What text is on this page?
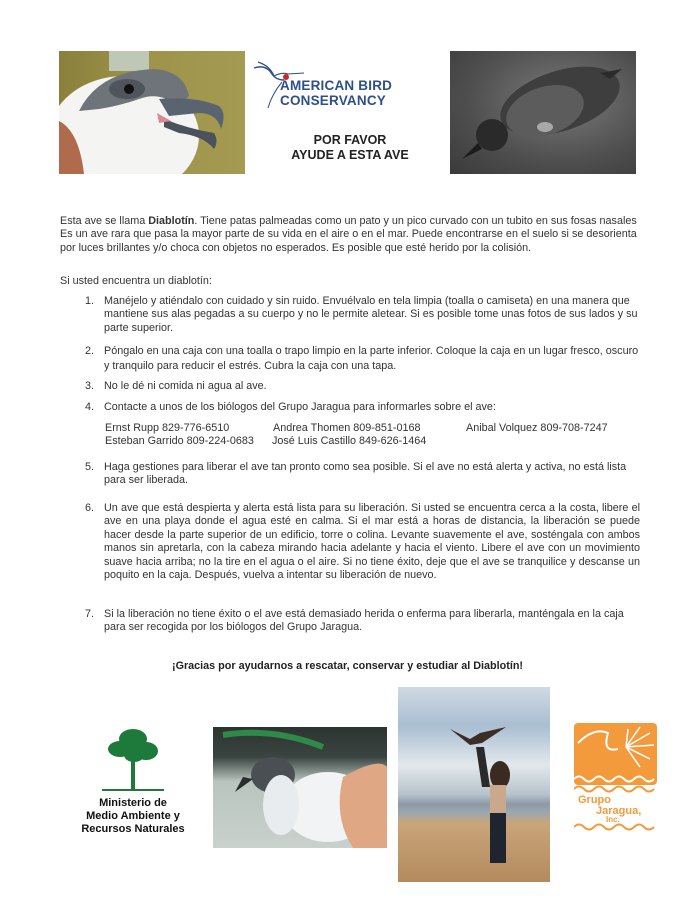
AMERICAN BIRD
CONSERVANCY
POR FAVOR
AYUDE A ESTA AVE
Esta ave se llama Diablotín. Tiene patas palmeadas como un pato y un pico curvado con un tubito en sus fosas nasales Es un ave rara que pasa la mayor parte de su vida en el aire o en el mar. Puede encontrarse en el suelo si se desorienta por luces brillantes y/o choca con objetos no esperados. Es posible que esté herido por la colisión.
Si usted encuentra un diablotín:
1. Manéjelo y atiéndalo con cuidado y sin ruido. Envuélvalo en tela limpia (toalla o camiseta) en una manera que mantiene sus alas pegadas a su cuerpo y no le permite aletear. Si es posible tome unas fotos de sus lados y su parte superior.
2. Póngalo en una caja con una toalla o trapo limpio en la parte inferior. Coloque la caja en un lugar fresco, oscuro y tranquilo para reducir el estrés. Cubra la caja con una tapa.
3. No le dé ni comida ni agua al ave.
4. Contacte a unos de los biólogos del Grupo Jaragua para informarles sobre el ave:
Ernst Rupp 829-776-6510	Andrea Thomen 809-851-0168	Anibal Volquez 809-708-7247
Esteban Garrido 809-224-0683 José Luis Castillo 849-626-1464
5. Haga gestiones para liberar el ave tan pronto como sea posible. Si el ave no está alerta y activa, no está lista para ser liberada.
6. Un ave que está despierta y alerta está lista para su liberación. Si usted se encuentra cerca a la costa, libere el ave en una playa donde el agua esté en calma. Si el mar está a horas de distancia, la liberación se puede hacer desde la parte superior de un edificio, torre o colina. Levante suavemente el ave, sosténgala con ambos manos sin apretarla, con la cabeza mirando hacia adelante y hacia el viento. Libere el ave con un movimiento suave hacia arriba; no la tire en el agua o el aire. Si no tiene éxito, deje que el ave se tranquilice y descanse un poquito en la caja. Después, vuelva a intentar su liberación de nuevo.
7. Si la liberación no tiene éxito o el ave está demasiado herida o enferma para liberarla, manténgala en la caja para ser recogida por los biólogos del Grupo Jaragua.
¡Gracias por ayudarnos a rescatar, conservar y estudiar al Diablotín!
Ministerio de
Medio Ambiente y
Recursos Naturales
Grupo
Jaragua,
Inc.
